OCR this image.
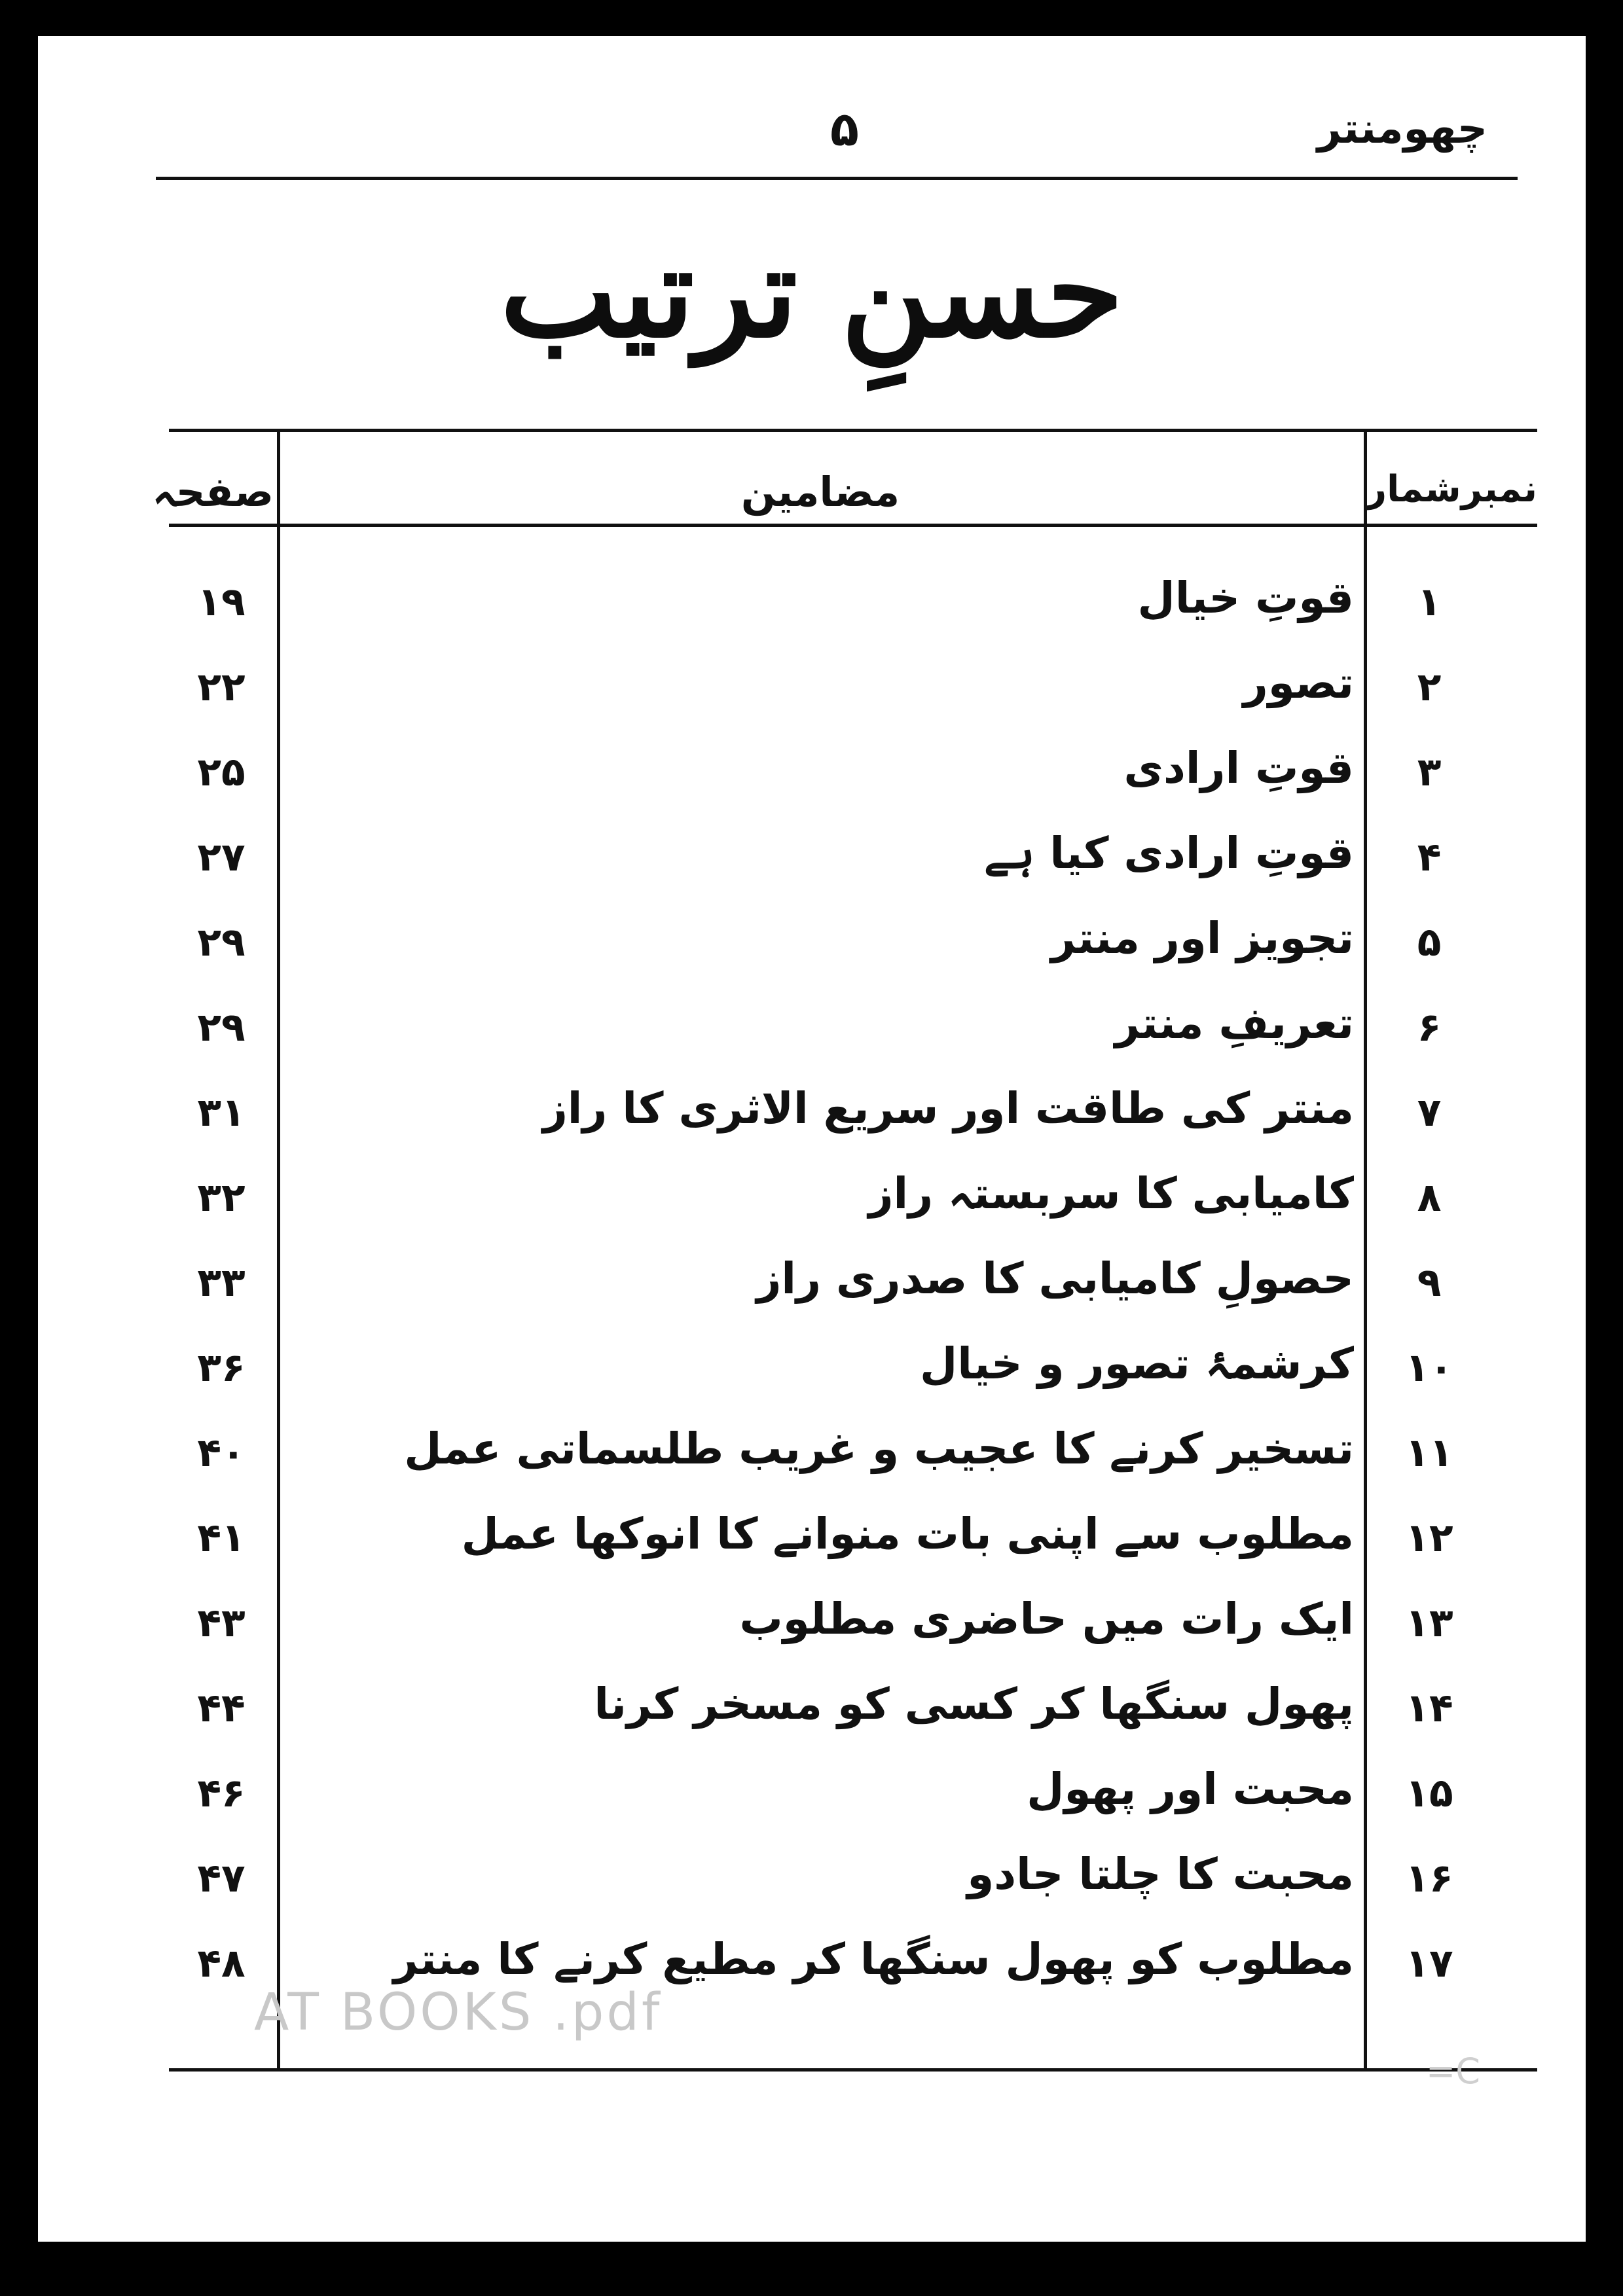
چھومنتر
۵
حسنِ ترتیب
صفحہ	مضامین	نمبرشمار
۱
قوتِ خیال
۱۹
۲
تصور
۲۲
۳
قوتِ ارادی
۲۵
۴
قوتِ ارادی کیا ہے
۲۷
۵
تجویز اور منتر
۲۹
۶
تعریفِ منتر
۲۹
۷
منتر کی طاقت اور سریع الاثری کا راز
۳۱
۸
کامیابی کا سربستہ راز
۳۲
۹
حصولِ کامیابی کا صدری راز
۳۳
۱۰
کرشمۂ تصور و خیال
۳۶
۱۱
تسخیر کرنے کا عجیب و غریب طلسماتی عمل
۴۰
۱۲
مطلوب سے اپنی بات منوانے کا انوکھا عمل
۴۱
۱۳
ایک رات میں حاضری مطلوب
۴۳
۱۴
پھول سنگھا کر کسی کو مسخر کرنا
۴۴
۱۵
محبت اور پھول
۴۶
۱۶
محبت کا چلتا جادو
۴۷
۱۷
مطلوب کو پھول سنگھا کر مطیع کرنے کا منتر
۴۸
AT BOOKS .pdf
=C
